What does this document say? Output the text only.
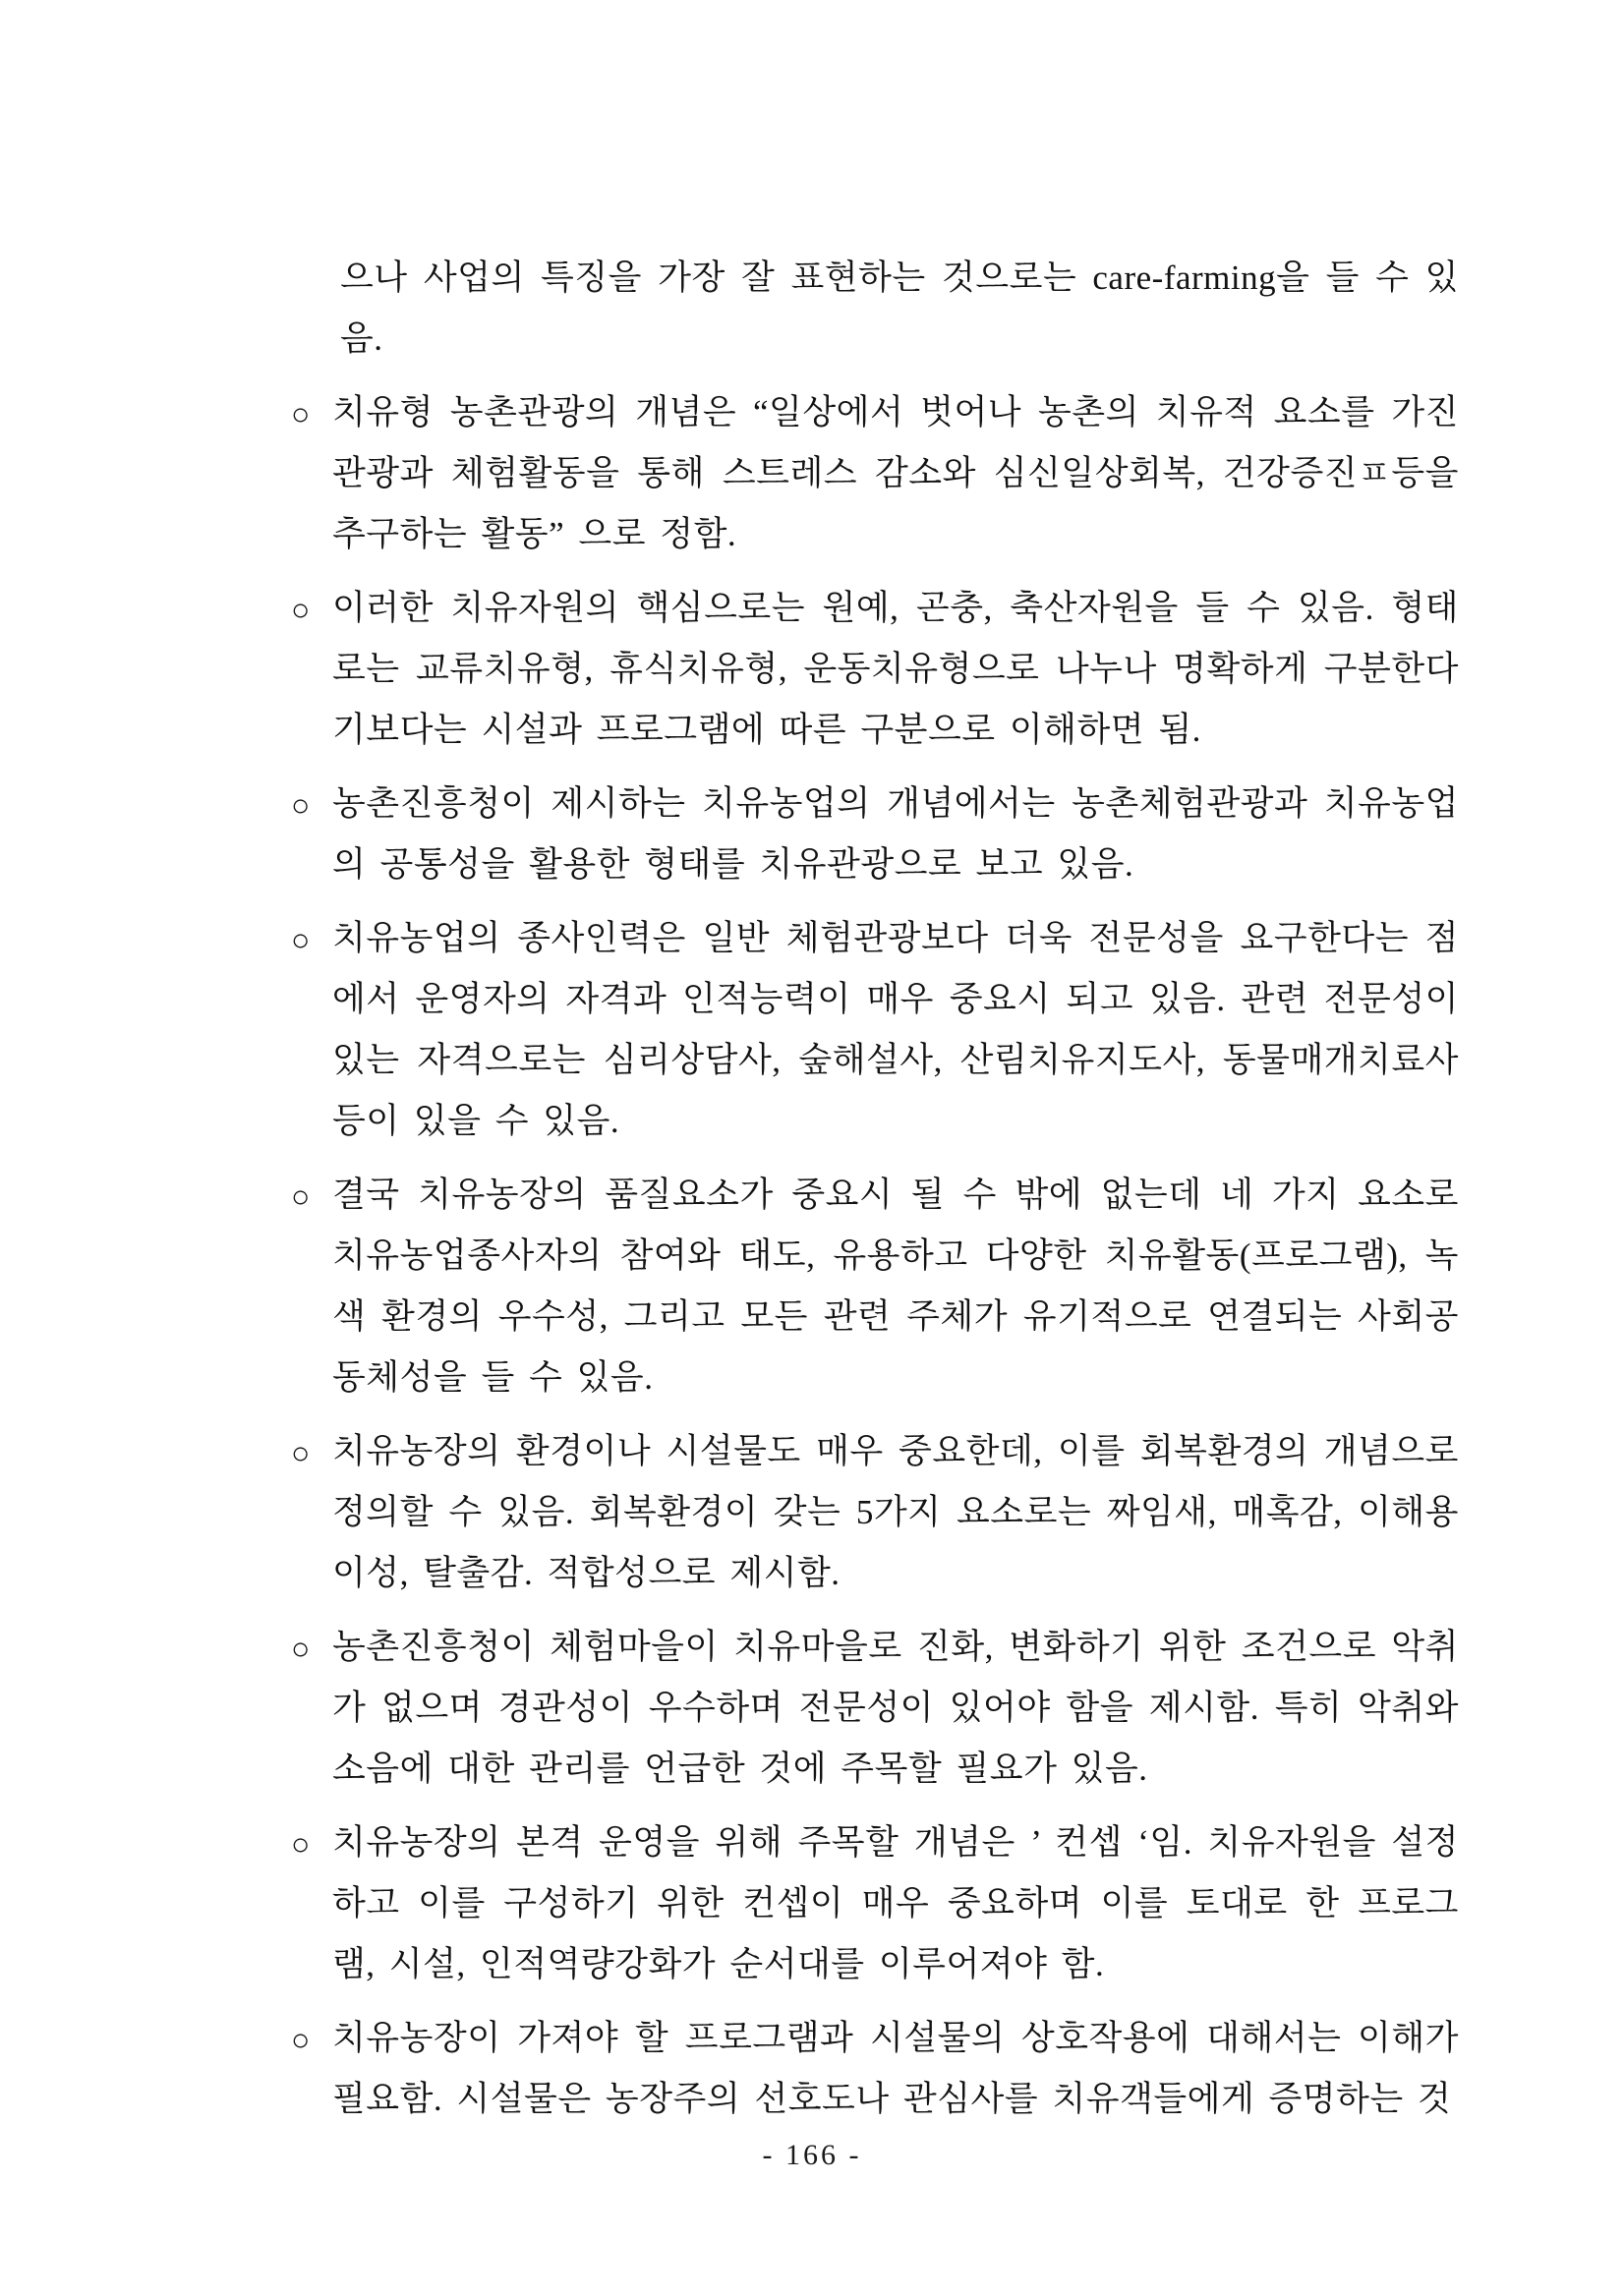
으나 사업의 특징을 가장 잘 표현하는 것으로는 care-farming을 들 수 있음.

○ 치유형 농촌관광의 개념은 “일상에서 벗어나 농촌의 치유적 요소를 가진 관광과 체험활동을 통해 스트레스 감소와 심신일상회복, 건강증진ㅍ등을 추구하는 활동” 으로 정함.

○ 이러한 치유자원의 핵심으로는 원예, 곤충, 축산자원을 들 수 있음. 형태로는 교류치유형, 휴식치유형, 운동치유형으로 나누나 명확하게 구분한다기보다는 시설과 프로그램에 따른 구분으로 이해하면 됨.

○ 농촌진흥청이 제시하는 치유농업의 개념에서는 농촌체험관광과 치유농업의 공통성을 활용한 형태를 치유관광으로 보고 있음.

○ 치유농업의 종사인력은 일반 체험관광보다 더욱 전문성을 요구한다는 점에서 운영자의 자격과 인적능력이 매우 중요시 되고 있음. 관련 전문성이 있는 자격으로는 심리상담사, 숲해설사, 산림치유지도사, 동물매개치료사 등이 있을 수 있음.

○ 결국 치유농장의 품질요소가 중요시 될 수 밖에 없는데 네 가지 요소로 치유농업종사자의 참여와 태도, 유용하고 다양한 치유활동(프로그램), 녹색 환경의 우수성, 그리고 모든 관련 주체가 유기적으로 연결되는 사회공동체성을 들 수 있음.

○ 치유농장의 환경이나 시설물도 매우 중요한데, 이를 회복환경의 개념으로 정의할 수 있음. 회복환경이 갖는 5가지 요소로는 짜임새, 매혹감, 이해용이성, 탈출감. 적합성으로 제시함.

○ 농촌진흥청이 체험마을이 치유마을로 진화, 변화하기 위한 조건으로 악취가 없으며 경관성이 우수하며 전문성이 있어야 함을 제시함. 특히 악취와 소음에 대한 관리를 언급한 것에 주목할 필요가 있음.

○ 치유농장의 본격 운영을 위해 주목할 개념은 ’ 컨셉 ‘임. 치유자원을 설정하고 이를 구성하기 위한 컨셉이 매우 중요하며 이를 토대로 한 프로그램, 시설, 인적역량강화가 순서대를 이루어져야 함.

○ 치유농장이 가져야 할 프로그램과 시설물의 상호작용에 대해서는 이해가 필요함. 시설물은 농장주의 선호도나 관심사를 치유객들에게 증명하는 것

- 166 -
